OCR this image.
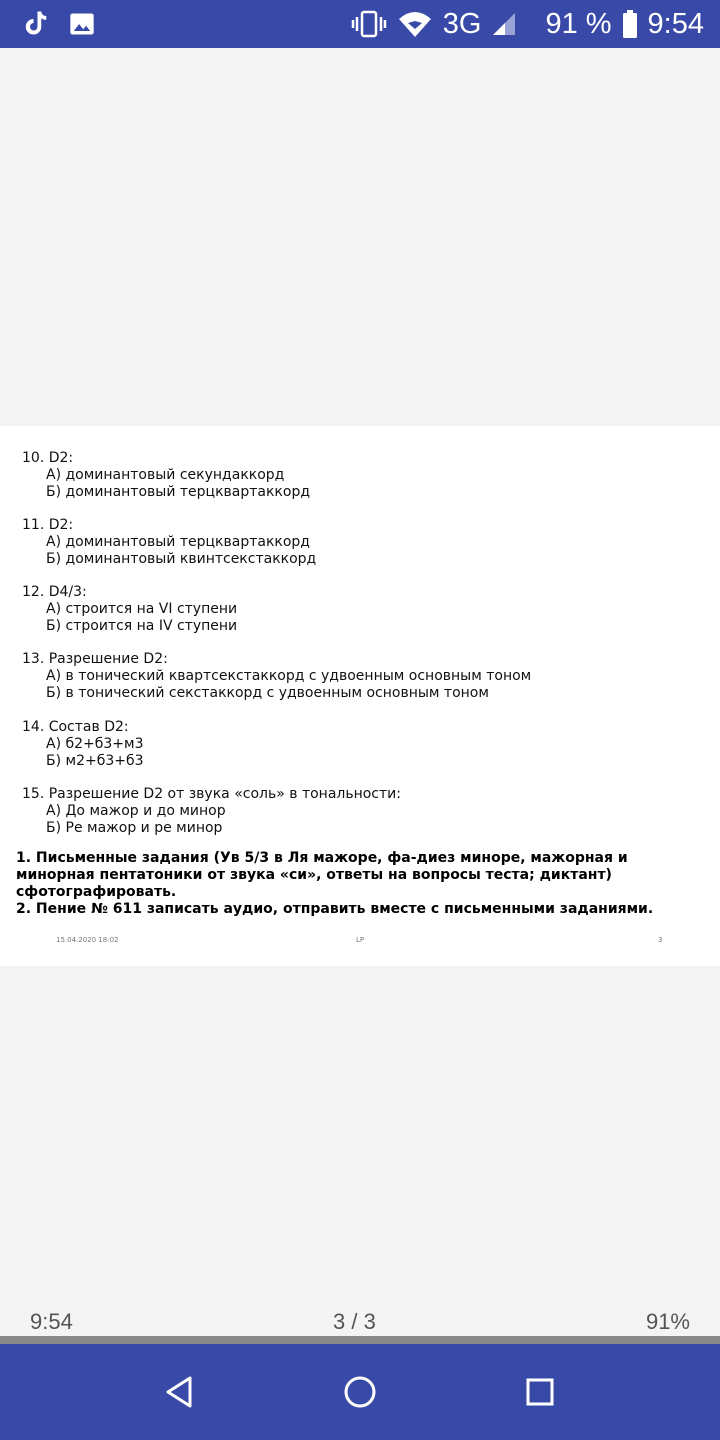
3G 91 % 9:54
10. D2:
А) доминантовый секундаккорд
Б) доминантовый терцквартаккорд
11. D2:
А) доминантовый терцквартаккорд
Б) доминантовый квинтсекстаккорд
12. D4/3:
А) строится на VI ступени
Б) строится на IV ступени
13. Разрешение D2:
А) в тонический квартсекстаккорд с удвоенным основным тоном
Б) в тонический секстаккорд с удвоенным основным тоном
14. Состав D2:
А) б2+б3+м3
Б) м2+б3+б3
15. Разрешение D2 от звука «соль» в тональности:
А) До мажор и до минор
Б) Ре мажор и ре минор
1. Письменные задания (Ув 5/3 в Ля мажоре, фа-диез миноре, мажорная и минорная пентатоники от звука «си», ответы на вопросы теста; диктант) сфотографировать.
2. Пение № 611 записать аудио, отправить вместе с письменными заданиями.
15.04.2020 18:02	LP	3
9:54	3 / 3	91%
